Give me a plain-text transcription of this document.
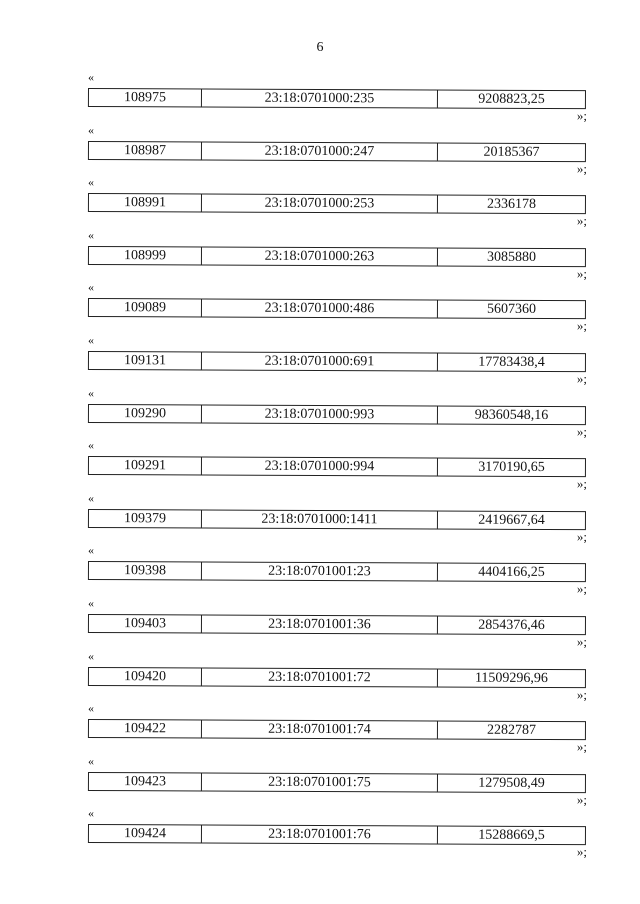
6
«
108975	23:18:0701000:235	9208823,25
»;
«
108987	23:18:0701000:247	20185367
»;
«
108991	23:18:0701000:253	2336178
»;
«
108999	23:18:0701000:263	3085880
»;
«
109089	23:18:0701000:486	5607360
»;
«
109131	23:18:0701000:691	17783438,4
»;
«
109290	23:18:0701000:993	98360548,16
»;
«
109291	23:18:0701000:994	3170190,65
»;
«
109379	23:18:0701000:1411	2419667,64
»;
«
109398	23:18:0701001:23	4404166,25
»;
«
109403	23:18:0701001:36	2854376,46
»;
«
109420	23:18:0701001:72	11509296,96
»;
«
109422	23:18:0701001:74	2282787
»;
«
109423	23:18:0701001:75	1279508,49
»;
«
109424	23:18:0701001:76	15288669,5
»;
